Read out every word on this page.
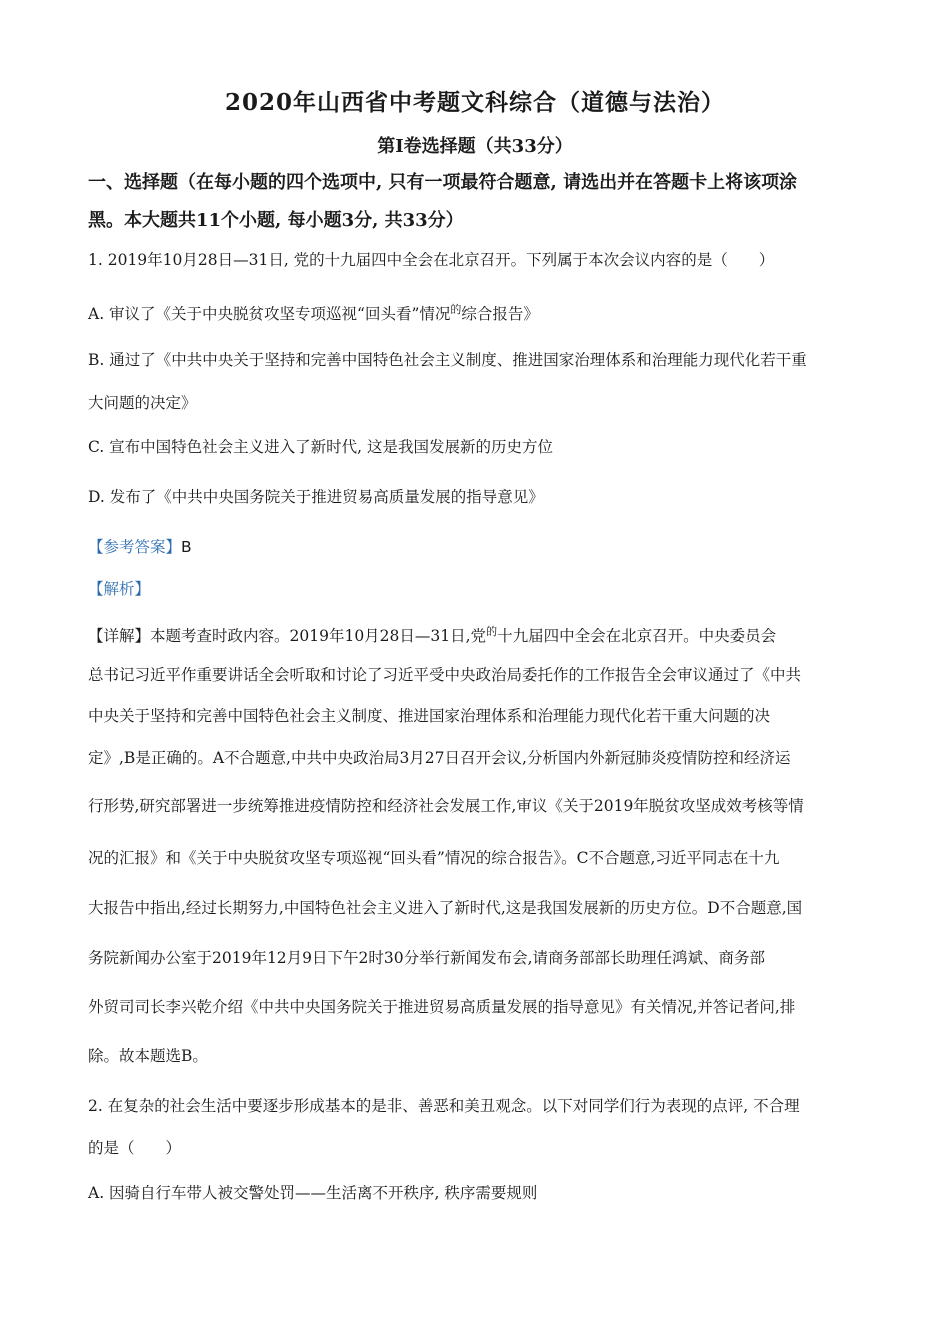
2020年山西省中考题文科综合（道德与法治）
第Ⅰ卷选择题（共33分）
一、选择题（在每小题的四个选项中, 只有一项最符合题意, 请选出并在答题卡上将该项涂
黑。本大题共11个小题, 每小题3分, 共33分）
1. 2019年10月28日—31日, 党的十九届四中全会在北京召开。下列属于本次会议内容的是（　　）
A. 审议了《关于中央脱贫攻坚专项巡视“回头看”情况$^的$综合报告》
B. 通过了《中共中央关于坚持和完善中国特色社会主义制度、推进国家治理体系和治理能力现代化若干重
大问题的决定》
C. 宣布中国特色社会主义进入了新时代, 这是我国发展新的历史方位
D. 发布了《中共中央国务院关于推进贸易高质量发展的指导意见》
【参考答案】B
【解析】
【详解】本题考查时政内容。2019年10月28日—31日,党$^的$十九届四中全会在北京召开。中央委员会
总书记习近平作重要讲话全会听取和讨论了习近平受中央政治局委托作的工作报告全会审议通过了《中共
中央关于坚持和完善中国特色社会主义制度、推进国家治理体系和治理能力现代化若干重大问题的决
定》,B是正确的。A不合题意,中共中央政治局3月27日召开会议,分析国内外新冠肺炎疫情防控和经济运
行形势,研究部署进一步统筹推进疫情防控和经济社会发展工作,审议《关于2019年脱贫攻坚成效考核等情
况的汇报》和《关于中央脱贫攻坚专项巡视“回头看”情况的综合报告》。C不合题意,习近平同志在十九
大报告中指出,经过长期努力,中国特色社会主义进入了新时代,这是我国发展新的历史方位。D不合题意,国
务院新闻办公室于2019年12月9日下午2时30分举行新闻发布会,请商务部部长助理任鸿斌、商务部
外贸司司长李兴乾介绍《中共中央国务院关于推进贸易高质量发展的指导意见》有关情况,并答记者问,排
除。故本题选B。
2. 在复杂的社会生活中要逐步形成基本的是非、善恶和美丑观念。以下对同学们行为表现的点评, 不合理
的是（　　）
A. 因骑自行车带人被交警处罚——生活离不开秩序, 秩序需要规则
